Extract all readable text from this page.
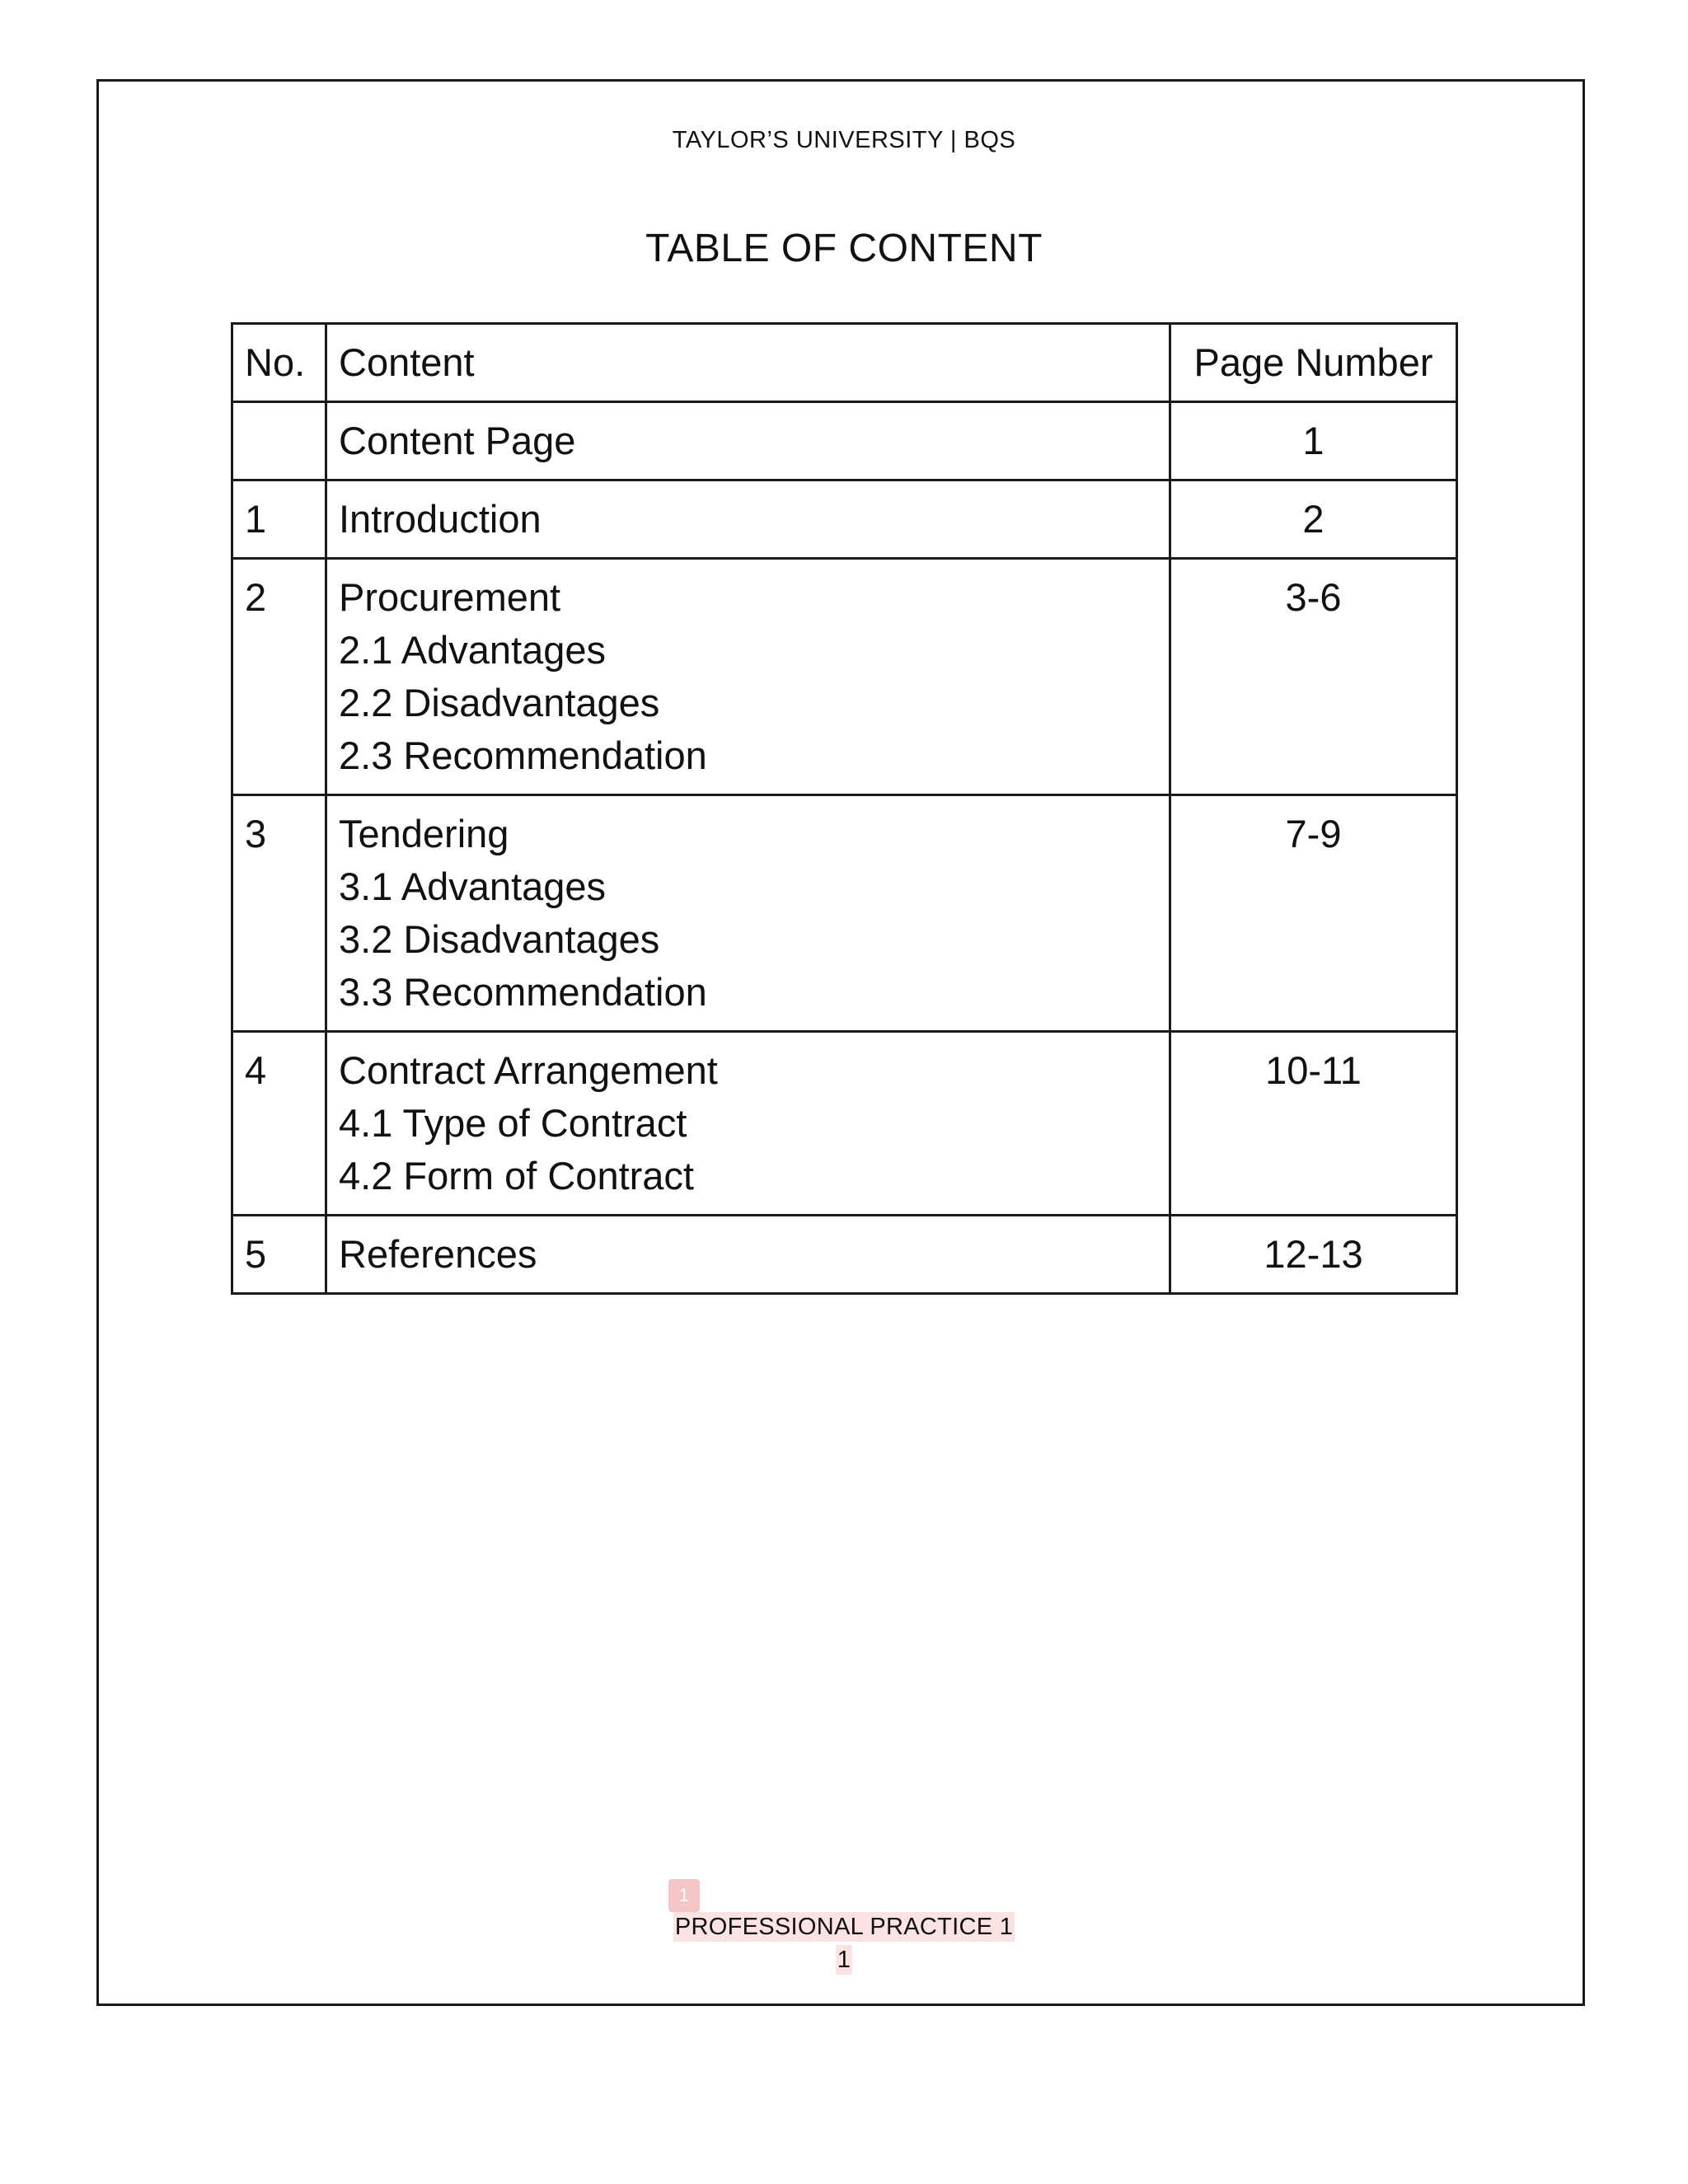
TAYLOR’S UNIVERSITY | BQS
TABLE OF CONTENT
No.	Content	Page Number

	Content Page	1
1	Introduction	2
2	Procurement
2.1 Advantages
2.2 Disadvantages
2.3 Recommendation	3-6
3	Tendering
3.1 Advantages
3.2 Disadvantages
3.3 Recommendation	7-9
4	Contract Arrangement
4.1 Type of Contract
4.2 Form of Contract	10-11
5	References	12-13
1
PROFESSIONAL PRACTICE 1
1
